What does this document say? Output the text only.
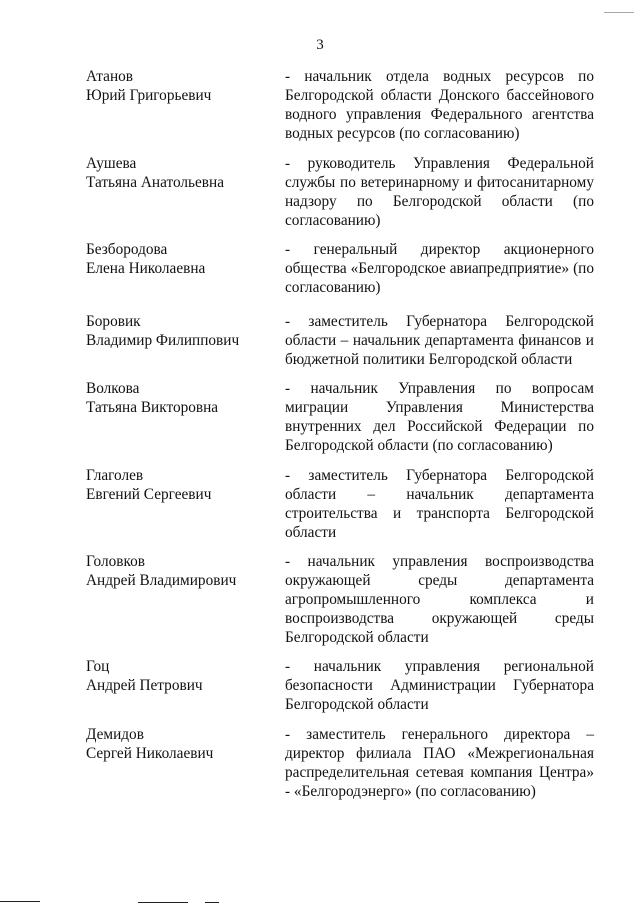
3
Атанов
Юрий Григорьевич
- начальник отдела водных ресурсов по Белгородской области Донского бассейнового водного управления Федерального агентства водных ресурсов (по согласованию)
Аушева
Татьяна Анатольевна
- руководитель Управления Федеральной службы по ветеринарному и фитосанитарному надзору по Белгородской области (по согласованию)
Безбородова
Елена Николаевна
- генеральный директор акционерного общества «Белгородское авиапредприятие» (по согласованию)
Боровик
Владимир Филиппович
- заместитель Губернатора Белгородской области – начальник департамента финансов и бюджетной политики Белгородской области
Волкова
Татьяна Викторовна
- начальник Управления по вопросам миграции Управления Министерства внутренних дел Российской Федерации по Белгородской области (по согласованию)
Глаголев
Евгений Сергеевич
- заместитель Губернатора Белгородской области – начальник департамента строительства и транспорта Белгородской области
Головков
Андрей Владимирович
- начальник управления воспроизводства окружающей среды департамента агропромышленного комплекса и воспроизводства окружающей среды Белгородской области
Гоц
Андрей Петрович
- начальник управления региональной безопасности Администрации Губернатора Белгородской области
Демидов
Сергей Николаевич
- заместитель генерального директора – директор филиала ПАО «Межрегиональная распределительная сетевая компания Центра» - «Белгородэнерго» (по согласованию)
